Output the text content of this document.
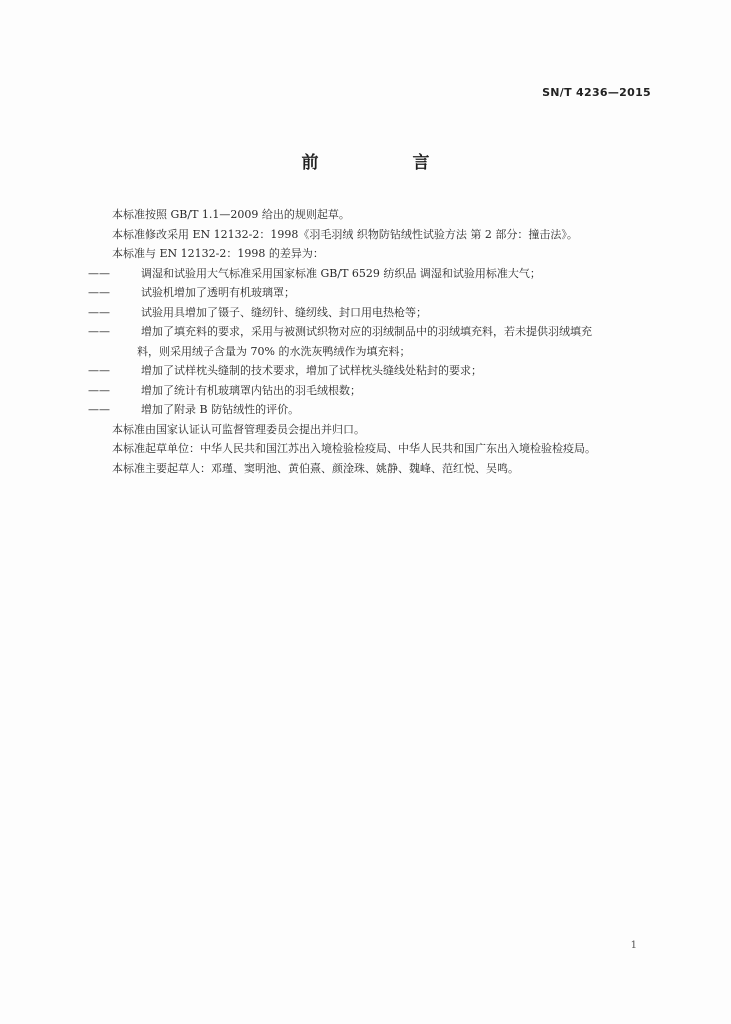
SN/T 4236—2015
前 言

本标准按照 GB/T 1.1—2009 给出的规则起草。

本标准修改采用 EN 12132-2：1998《羽毛羽绒 织物防钻绒性试验方法 第 2 部分：撞击法》。

本标准与 EN 12132-2：1998 的差异为：

——	调湿和试验用大气标准采用国家标准 GB/T 6529 纺织品 调湿和试验用标准大气；

——	试验机增加了透明有机玻璃罩；

——	试验用具增加了镊子、缝纫针、缝纫线、封口用电热枪等；

——	增加了填充料的要求，采用与被测试织物对应的羽绒制品中的羽绒填充料，若未提供羽绒填充

料，则采用绒子含量为 70% 的水洗灰鸭绒作为填充料；

——	增加了试样枕头缝制的技术要求，增加了试样枕头缝线处粘封的要求；

——	增加了统计有机玻璃罩内钻出的羽毛绒根数；

——	增加了附录 B 防钻绒性的评价。

本标准由国家认证认可监督管理委员会提出并归口。

本标准起草单位：中华人民共和国江苏出入境检验检疫局、中华人民共和国广东出入境检验检疫局。

本标准主要起草人：邓瑾、窦明池、黄伯熹、颜淦珠、姚静、魏峰、范红悦、吴鸣。

1
